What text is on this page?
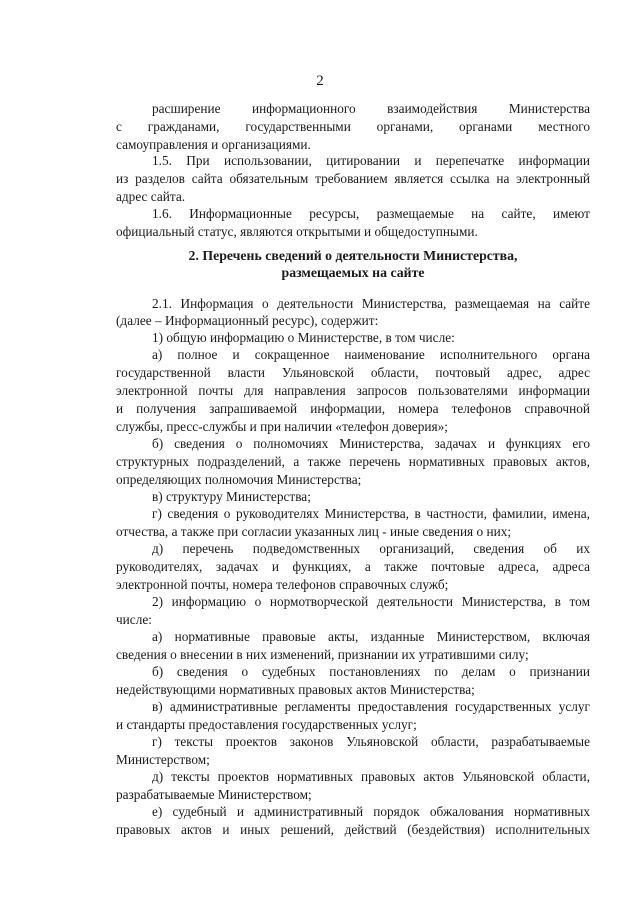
2
2. Перечень сведений о деятельности Министерства,
размещаемых на сайте
расширение информационного взаимодействия Министерства
с гражданами, государственными органами, органами местного
самоуправления и организациями.
1.5. При использовании, цитировании и перепечатке информации
из разделов сайта обязательным требованием является ссылка на электронный
адрес сайта.
1.6. Информационные ресурсы, размещаемые на сайте, имеют
официальный статус, являются открытыми и общедоступными.
2.1. Информация о деятельности Министерства, размещаемая на сайте
(далее – Информационный ресурс), содержит:
1) общую информацию о Министерстве, в том числе:
а) полное и сокращенное наименование исполнительного органа
государственной власти Ульяновской области, почтовый адрес, адрес
электронной почты для направления запросов пользователями информации
и получения запрашиваемой информации, номера телефонов справочной
службы, пресс-службы и при наличии «телефон доверия»;
б) сведения о полномочиях Министерства, задачах и функциях его
структурных подразделений, а также перечень нормативных правовых актов,
определяющих полномочия Министерства;
в) структуру Министерства;
г) сведения о руководителях Министерства, в частности, фамилии, имена,
отчества, а также при согласии указанных лиц - иные сведения о них;
д) перечень подведомственных организаций, сведения об их
руководителях, задачах и функциях, а также почтовые адреса, адреса
электронной почты, номера телефонов справочных служб;
2) информацию о нормотворческой деятельности Министерства, в том
числе:
а) нормативные правовые акты, изданные Министерством, включая
сведения о внесении в них изменений, признании их утратившими силу;
б) сведения о судебных постановлениях по делам о признании
недействующими нормативных правовых актов Министерства;
в) административные регламенты предоставления государственных услуг
и стандарты предоставления государственных услуг;
г) тексты проектов законов Ульяновской области, разрабатываемые
Министерством;
д) тексты проектов нормативных правовых актов Ульяновской области,
разрабатываемые Министерством;
е) судебный и административный порядок обжалования нормативных
правовых актов и иных решений, действий (бездействия) исполнительных
